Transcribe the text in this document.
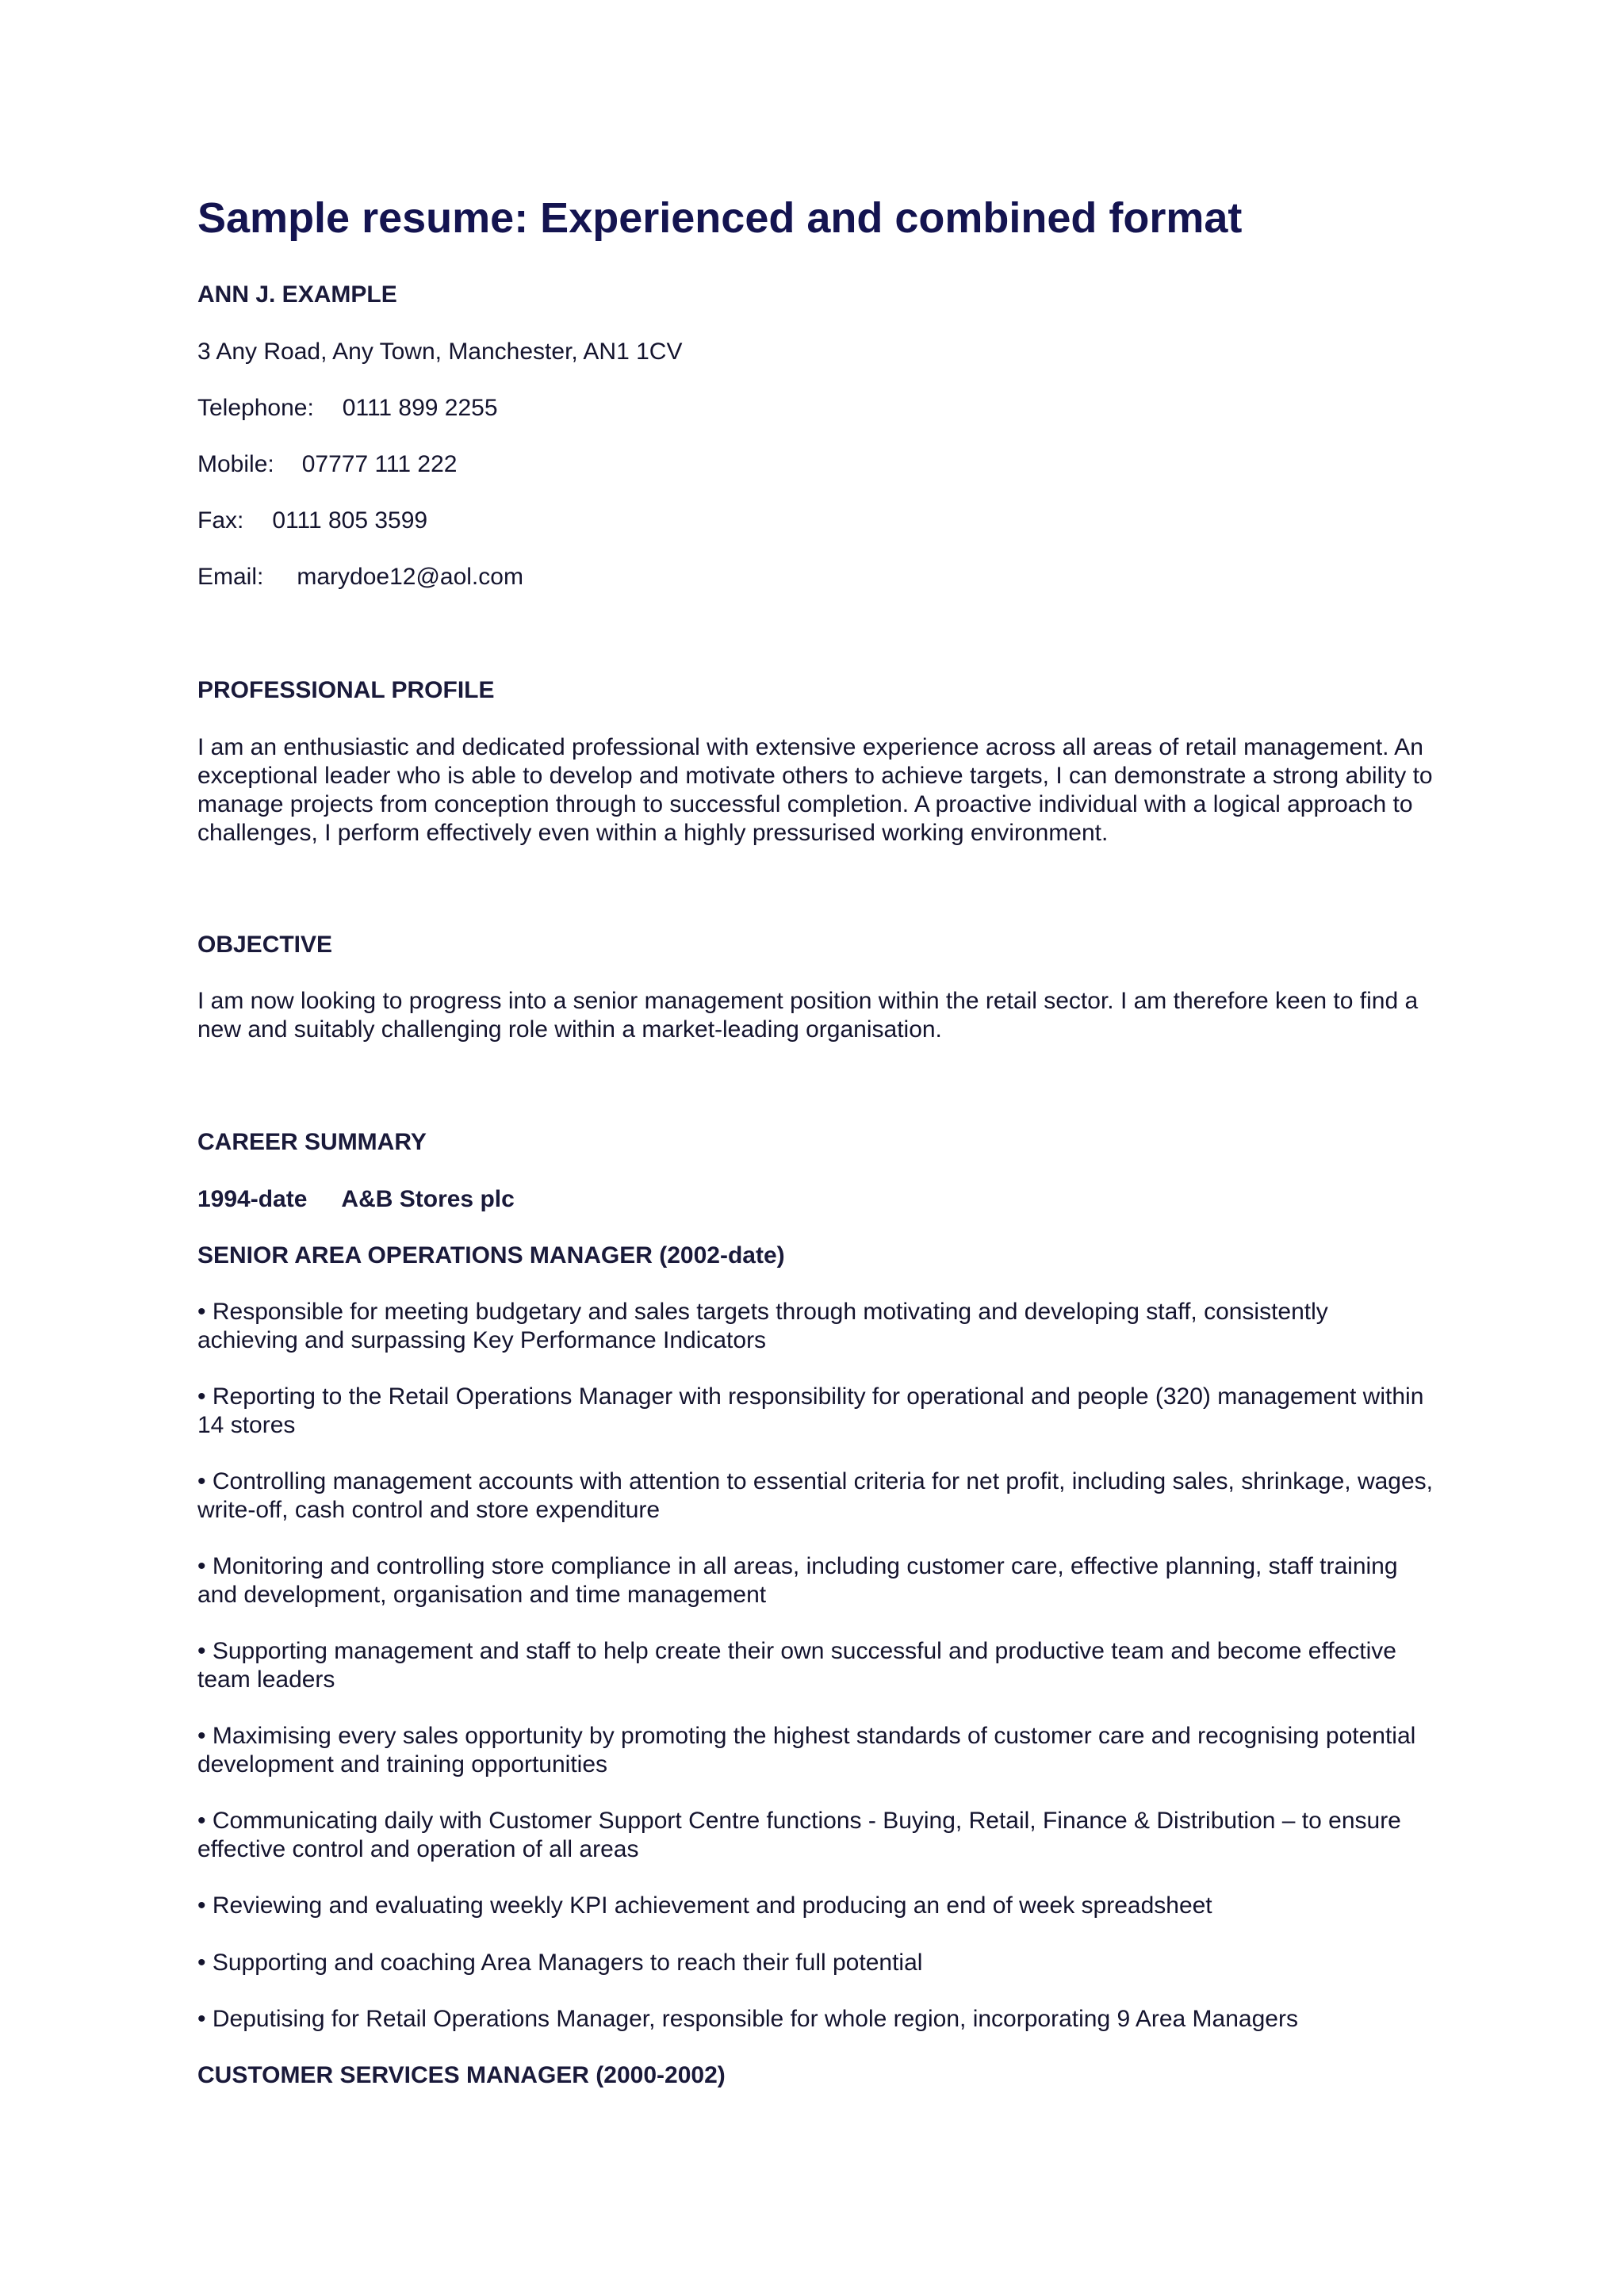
Sample resume: Experienced and combined format

ANN J. EXAMPLE

3 Any Road, Any Town, Manchester, AN1 1CV

Telephone: 0111 899 2255

Mobile: 07777 111 222

Fax: 0111 805 3599

Email: marydoe12@aol.com

PROFESSIONAL PROFILE

I am an enthusiastic and dedicated professional with extensive experience across all areas of retail management. An exceptional leader who is able to develop and motivate others to achieve targets, I can demonstrate a strong ability to manage projects from conception through to successful completion. A proactive individual with a logical approach to challenges, I perform effectively even within a highly pressurised working environment.

OBJECTIVE

I am now looking to progress into a senior management position within the retail sector. I am therefore keen to find a new and suitably challenging role within a market-leading organisation.

CAREER SUMMARY

1994-date A&B Stores plc

SENIOR AREA OPERATIONS MANAGER (2002-date)

• Responsible for meeting budgetary and sales targets through motivating and developing staff, consistently achieving and surpassing Key Performance Indicators

• Reporting to the Retail Operations Manager with responsibility for operational and people (320) management within 14 stores

• Controlling management accounts with attention to essential criteria for net profit, including sales, shrinkage, wages, write-off, cash control and store expenditure

• Monitoring and controlling store compliance in all areas, including customer care, effective planning, staff training and development, organisation and time management

• Supporting management and staff to help create their own successful and productive team and become effective team leaders

• Maximising every sales opportunity by promoting the highest standards of customer care and recognising potential development and training opportunities

• Communicating daily with Customer Support Centre functions - Buying, Retail, Finance & Distribution – to ensure effective control and operation of all areas

• Reviewing and evaluating weekly KPI achievement and producing an end of week spreadsheet

• Supporting and coaching Area Managers to reach their full potential

• Deputising for Retail Operations Manager, responsible for whole region, incorporating 9 Area Managers

CUSTOMER SERVICES MANAGER (2000-2002)
